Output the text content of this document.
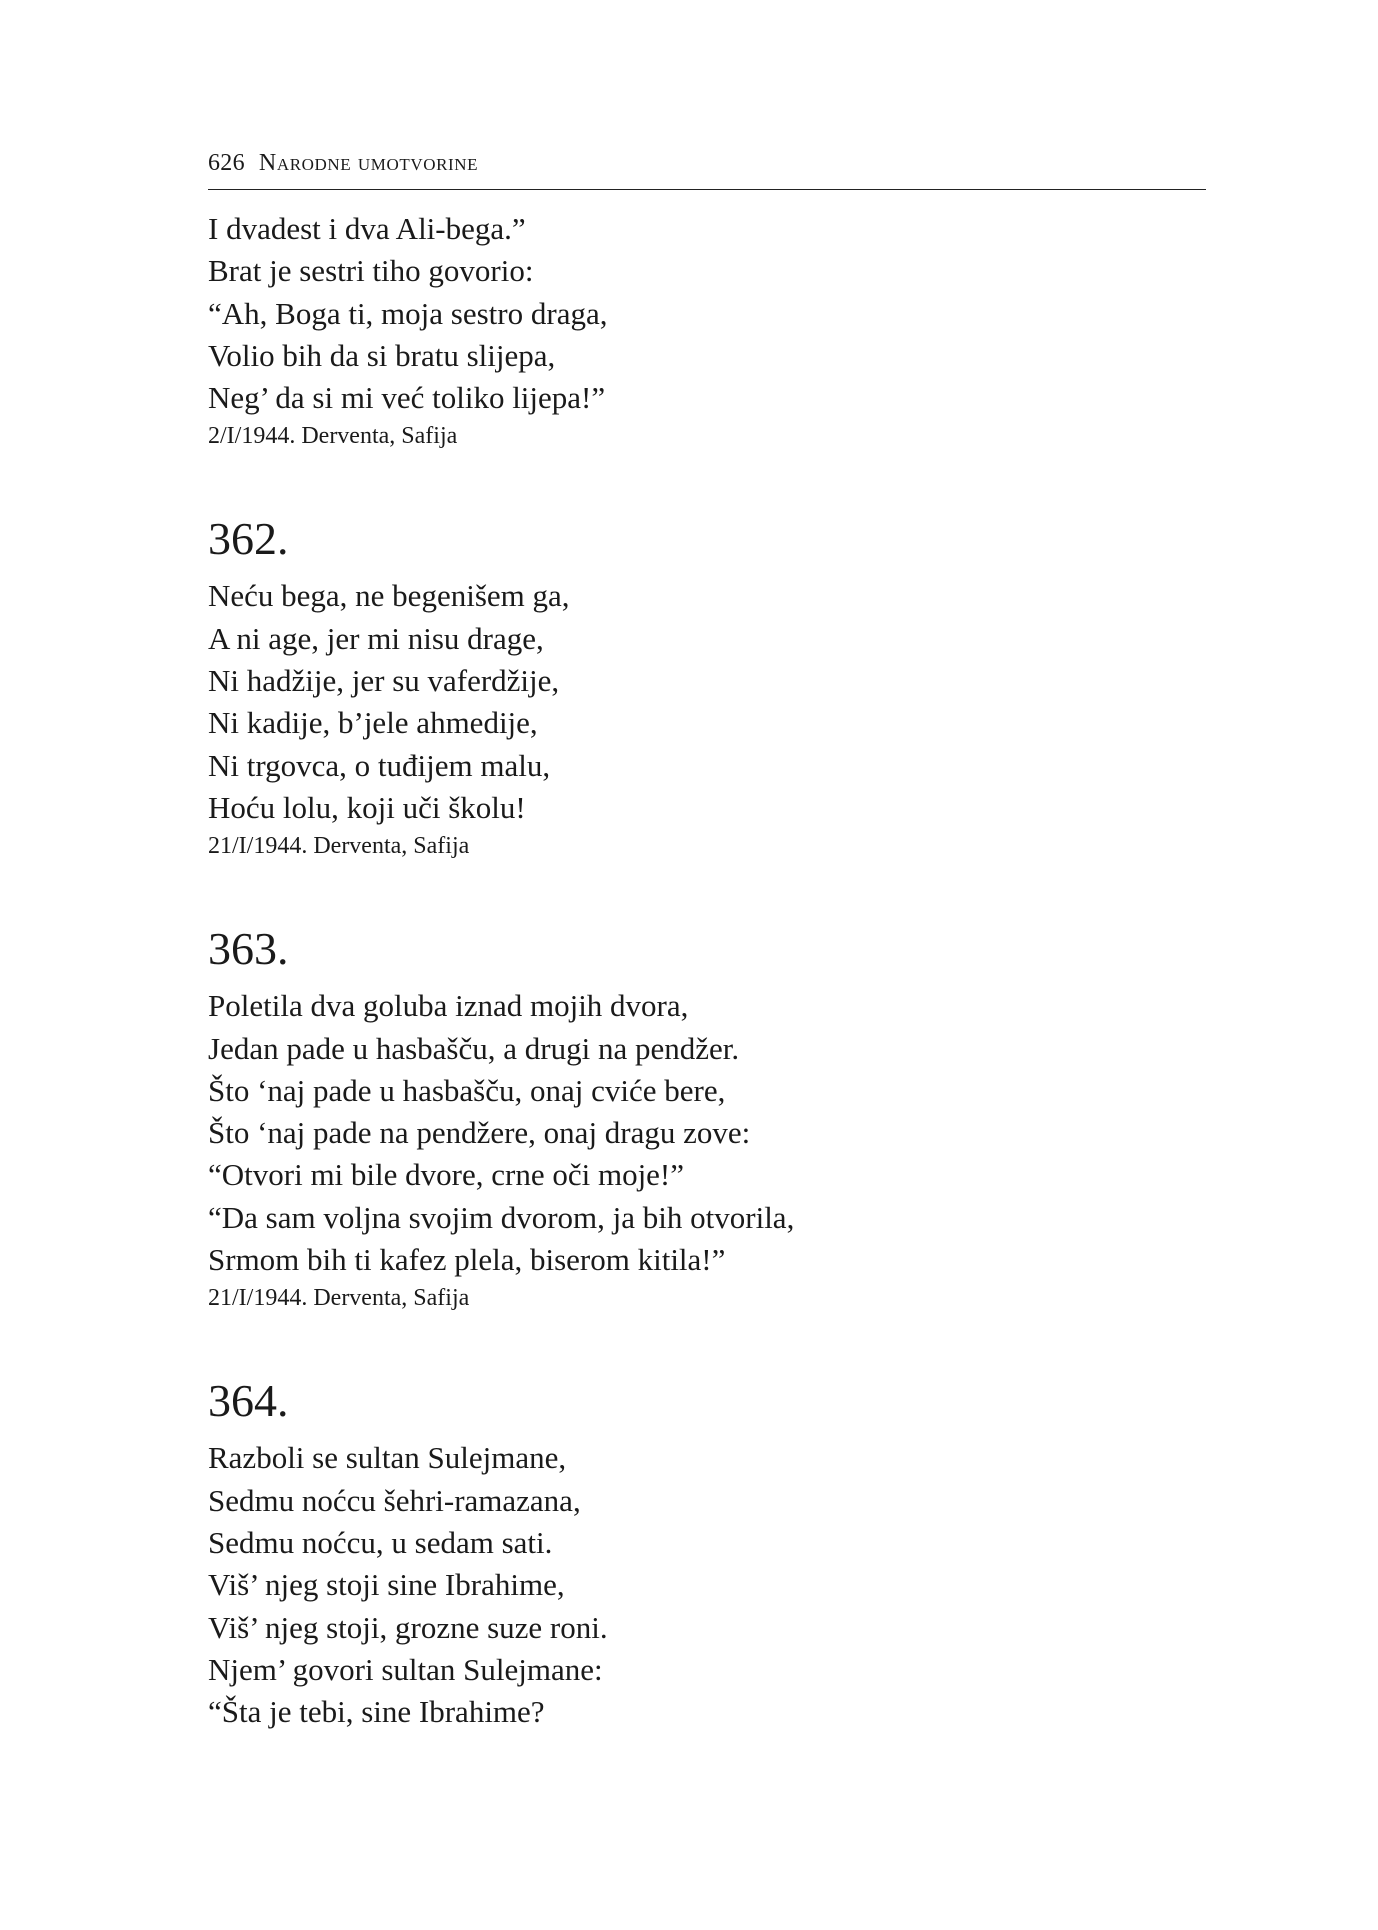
626 Narodne umotvorine
I dvadest i dva Ali-bega.”
Brat je sestri tiho govorio:
“Ah, Boga ti, moja sestro draga,
Volio bih da si bratu slijepa,
Neg’ da si mi već toliko lijepa!”
2/I/1944. Derventa, Safija
362.
Neću bega, ne begenišem ga,
A ni age, jer mi nisu drage,
Ni hadžije, jer su vaferdžije,
Ni kadije, b’jele ahmedije,
Ni trgovca, o tuđijem malu,
Hoću lolu, koji uči školu!
21/I/1944. Derventa, Safija
363.
Poletila dva goluba iznad mojih dvora,
Jedan pade u hasbašču, a drugi na pendžer.
Što ‘naj pade u hasbašču, onaj cviće bere,
Što ‘naj pade na pendžere, onaj dragu zove:
“Otvori mi bile dvore, crne oči moje!”
“Da sam voljna svojim dvorom, ja bih otvorila,
Srmom bih ti kafez plela, biserom kitila!”
21/I/1944. Derventa, Safija
364.
Razboli se sultan Sulejmane,
Sedmu noćcu šehri-ramazana,
Sedmu noćcu, u sedam sati.
Viš’ njeg stoji sine Ibrahime,
Viš’ njeg stoji, grozne suze roni.
Njem’ govori sultan Sulejmane:
“Šta je tebi, sine Ibrahime?
